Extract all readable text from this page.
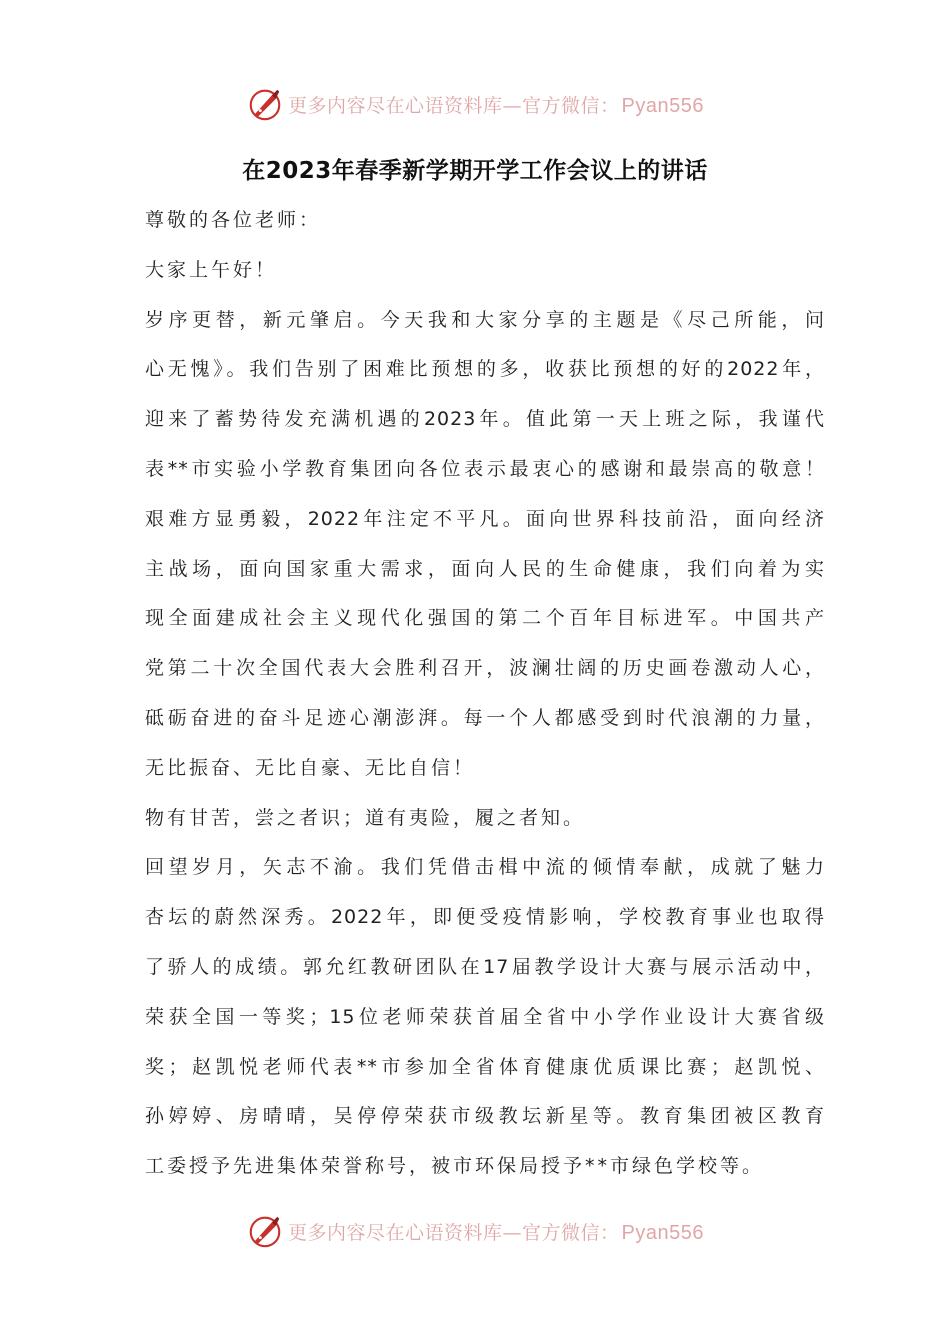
更多内容尽在心语资料库—官方微信： Pyan556
在2023年春季新学期开学工作会议上的讲话
尊敬的各位老师：
大家上午好！
岁序更替，新元肇启。今天我和大家分享的主题是《尽己所能，问
心无愧》。我们告别了困难比预想的多，收获比预想的好的2022年，
迎来了蓄势待发充满机遇的2023年。值此第一天上班之际，我谨代
表**市实验小学教育集团向各位表示最衷心的感谢和最崇高的敬意！
艰难方显勇毅，2022年注定不平凡。面向世界科技前沿，面向经济
主战场，面向国家重大需求，面向人民的生命健康，我们向着为实
现全面建成社会主义现代化强国的第二个百年目标进军。中国共产
党第二十次全国代表大会胜利召开，波澜壮阔的历史画卷激动人心，
砥砺奋进的奋斗足迹心潮澎湃。每一个人都感受到时代浪潮的力量，
无比振奋、无比自豪、无比自信！
物有甘苦，尝之者识；道有夷险，履之者知。
回望岁月，矢志不渝。我们凭借击楫中流的倾情奉献，成就了魅力
杏坛的蔚然深秀。2022年，即便受疫情影响，学校教育事业也取得
了骄人的成绩。郭允红教研团队在17届教学设计大赛与展示活动中，
荣获全国一等奖；15位老师荣获首届全省中小学作业设计大赛省级
奖；赵凯悦老师代表**市参加全省体育健康优质课比赛；赵凯悦、
孙婷婷、房晴晴，吴停停荣获市级教坛新星等。教育集团被区教育
工委授予先进集体荣誉称号，被市环保局授予**市绿色学校等。
更多内容尽在心语资料库—官方微信： Pyan556
